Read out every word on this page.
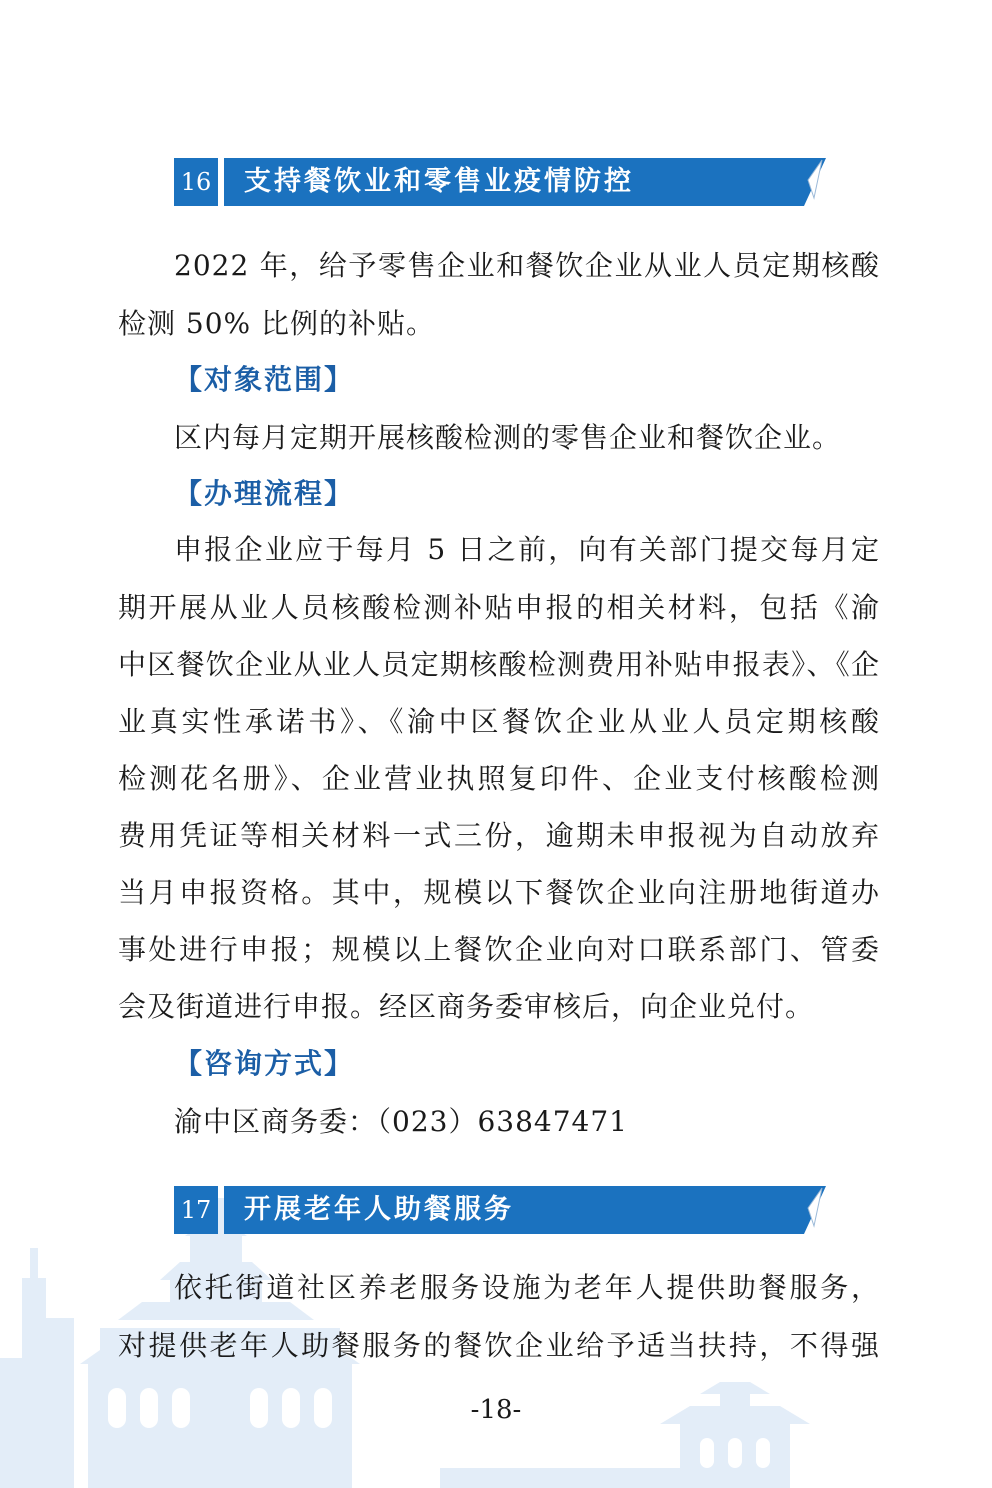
16 支持餐饮业和零售业疫情防控
2022 年，给予零售企业和餐饮企业从业人员定期核酸
检测 50% 比例的补贴。
【对象范围】
区内每月定期开展核酸检测的零售企业和餐饮企业。
【办理流程】
申报企业应于每月 5 日之前，向有关部门提交每月定
期开展从业人员核酸检测补贴申报的相关材料，包括《渝
中区餐饮企业从业人员定期核酸检测费用补贴申报表》、《企
业真实性承诺书》、《渝中区餐饮企业从业人员定期核酸
检测花名册》、企业营业执照复印件、企业支付核酸检测
费用凭证等相关材料一式三份，逾期未申报视为自动放弃
当月申报资格。其中，规模以下餐饮企业向注册地街道办
事处进行申报；规模以上餐饮企业向对口联系部门、管委
会及街道进行申报。经区商务委审核后，向企业兑付。
【咨询方式】
渝中区商务委：（023）63847471
17 开展老年人助餐服务
依托街道社区养老服务设施为老年人提供助餐服务，
对提供老年人助餐服务的餐饮企业给予适当扶持，不得强
-18-
